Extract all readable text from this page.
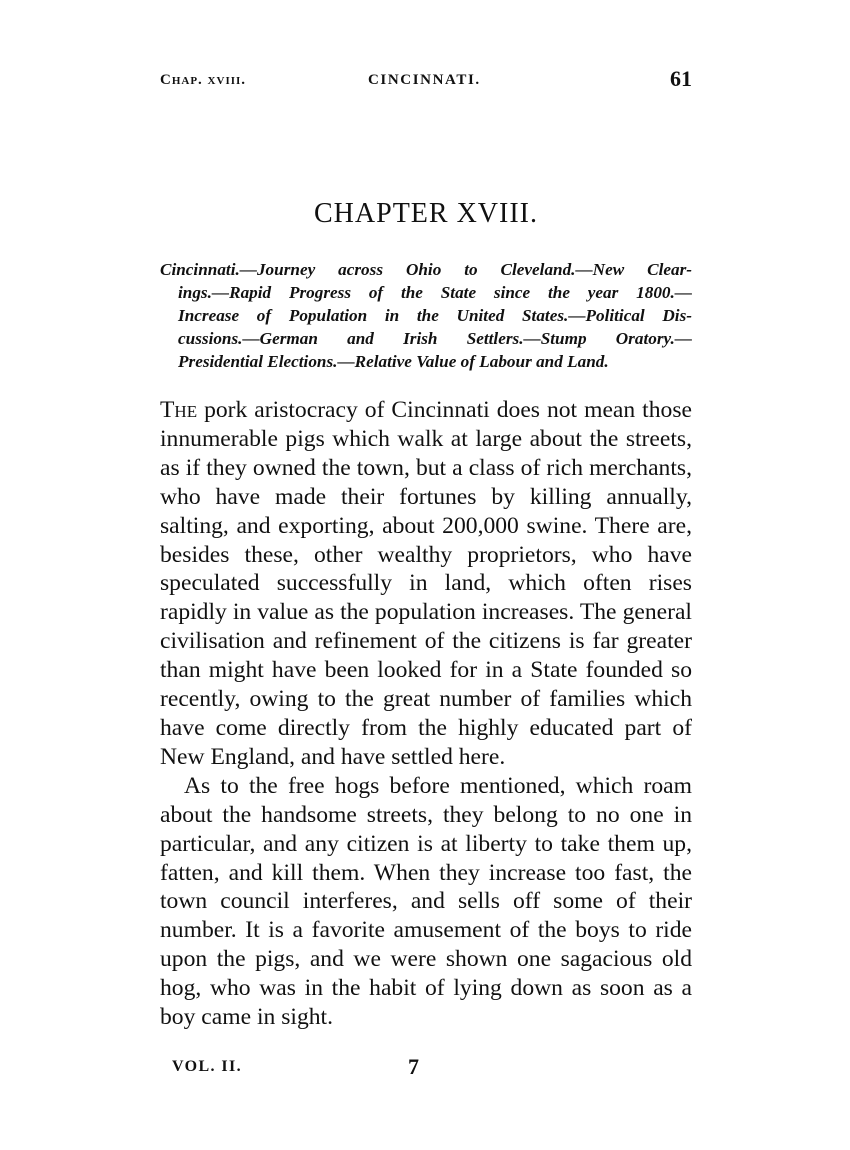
Chap. xviii.	CINCINNATI.	61
CHAPTER XVIII.
Cincinnati.—Journey across Ohio to Cleveland.—New Clear-
ings.—Rapid Progress of the State since the year 1800.—
Increase of Population in the United States.—Political Dis-
cussions.—German and Irish Settlers.—Stump Oratory.—
Presidential Elections.—Relative Value of Labour and Land.

The pork aristocracy of Cincinnati does not mean those innumerable pigs which walk at large about the streets, as if they owned the town, but a class of rich merchants, who have made their fortunes by killing annually, salting, and exporting, about 200,000 swine. There are, besides these, other wealthy proprietors, who have speculated successfully in land, which often rises rapidly in value as the population increases. The general civilisation and refinement of the citizens is far greater than might have been looked for in a State founded so recently, owing to the great number of families which have come directly from the highly educated part of New England, and have settled here.

As to the free hogs before mentioned, which roam about the handsome streets, they belong to no one in particular, and any citizen is at liberty to take them up, fatten, and kill them. When they increase too fast, the town council interferes, and sells off some of their number. It is a favorite amusement of the boys to ride upon the pigs, and we were shown one sagacious old hog, who was in the habit of lying down as soon as a boy came in sight.

VOL. II.	7
